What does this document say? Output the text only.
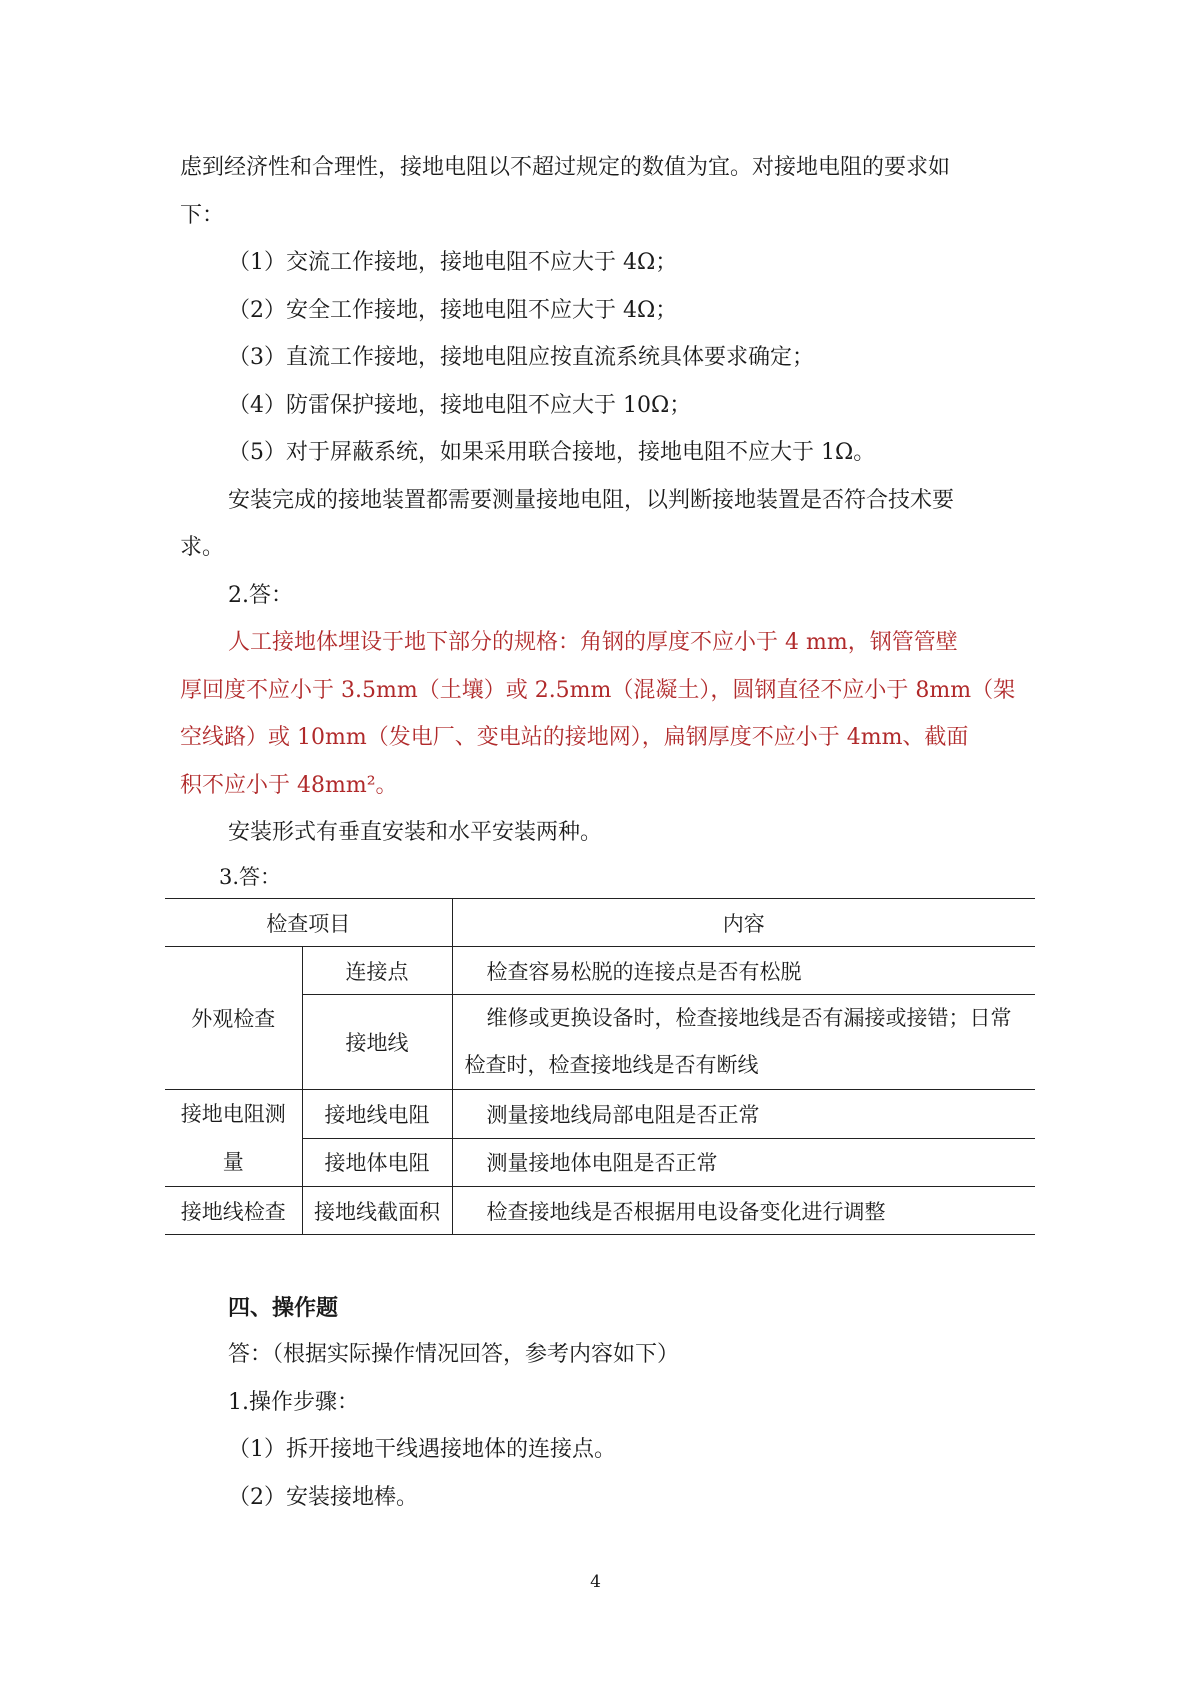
虑到经济性和合理性，接地电阻以不超过规定的数值为宜。对接地电阻的要求如

下：

（1）交流工作接地，接地电阻不应大于 4Ω；

（2）安全工作接地，接地电阻不应大于 4Ω；

（3）直流工作接地，接地电阻应按直流系统具体要求确定；

（4）防雷保护接地，接地电阻不应大于 10Ω；

（5）对于屏蔽系统，如果采用联合接地，接地电阻不应大于 1Ω。

安装完成的接地装置都需要测量接地电阻，以判断接地装置是否符合技术要

求。

2.答：

人工接地体埋设于地下部分的规格：角钢的厚度不应小于 4 mm，钢管管壁

厚回度不应小于 3.5mm（土壤）或 2.5mm（混凝土），圆钢直径不应小于 8mm（架

空线路）或 10mm（发电厂、变电站的接地网），扁钢厚度不应小于 4mm、截面

积不应小于 48mm²。

安装形式有垂直安装和水平安装两种。

3.答：

检查项目		内容
外观检查	连接点	检查容易松脱的连接点是否有松脱
	接地线	维修或更换设备时，检查接地线是否有漏接或接错；日常检查时，检查接地线是否有断线
接地电阻测
量	接地线电阻	测量接地线局部电阻是否正常
	接地体电阻	测量接地体电阻是否正常
接地线检查	接地线截面积	检查接地线是否根据用电设备变化进行调整

四、操作题

答：（根据实际操作情况回答，参考内容如下）

1.操作步骤：

（1）拆开接地干线遇接地体的连接点。

（2）安装接地棒。

4
